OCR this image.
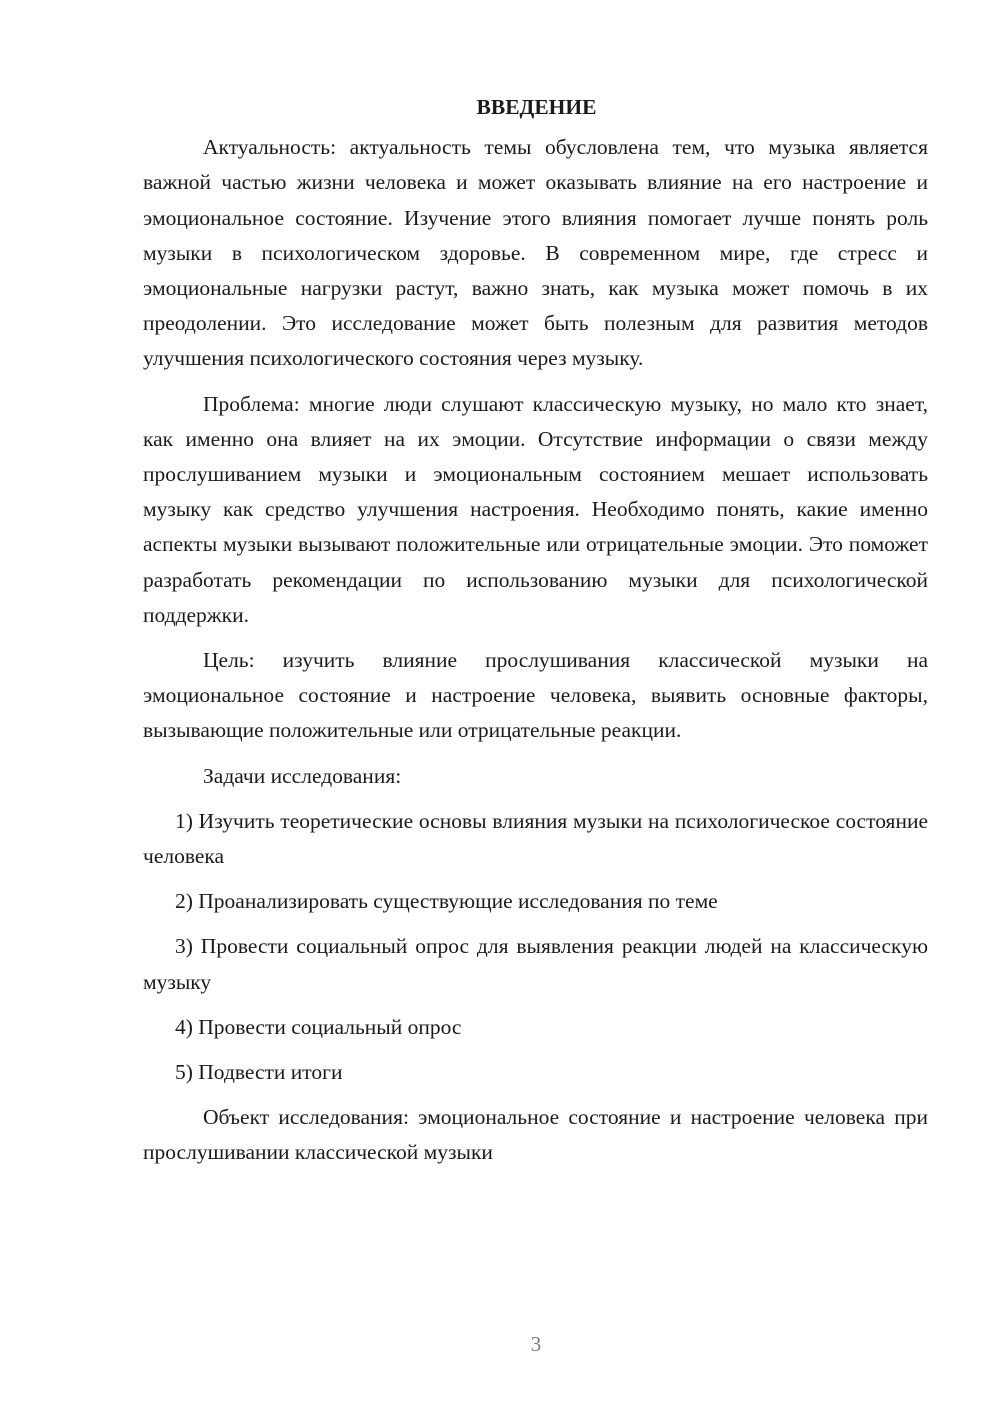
ВВЕДЕНИЕ

Актуальность: актуальность темы обусловлена тем, что музыка является важной частью жизни человека и может оказывать влияние на его настроение и эмоциональное состояние. Изучение этого влияния помогает лучше понять роль музыки в психологическом здоровье. В современном мире, где стресс и эмоциональные нагрузки растут, важно знать, как музыка может помочь в их преодолении. Это исследование может быть полезным для развития методов улучшения психологического состояния через музыку.

Проблема: многие люди слушают классическую музыку, но мало кто знает, как именно она влияет на их эмоции. Отсутствие информации о связи между прослушиванием музыки и эмоциональным состоянием мешает использовать музыку как средство улучшения настроения. Необходимо понять, какие именно аспекты музыки вызывают положительные или отрицательные эмоции. Это поможет разработать рекомендации по использованию музыки для психологической поддержки.

Цель: изучить влияние прослушивания классической музыки на эмоциональное состояние и настроение человека, выявить основные факторы, вызывающие положительные или отрицательные реакции.

Задачи исследования:

1) Изучить теоретические основы влияния музыки на психологическое состояние человека

2) Проанализировать существующие исследования по теме

3) Провести социальный опрос для выявления реакции людей на классическую музыку

4) Провести социальный опрос

5) Подвести итоги

Объект исследования: эмоциональное состояние и настроение человека при прослушивании классической музыки

3
